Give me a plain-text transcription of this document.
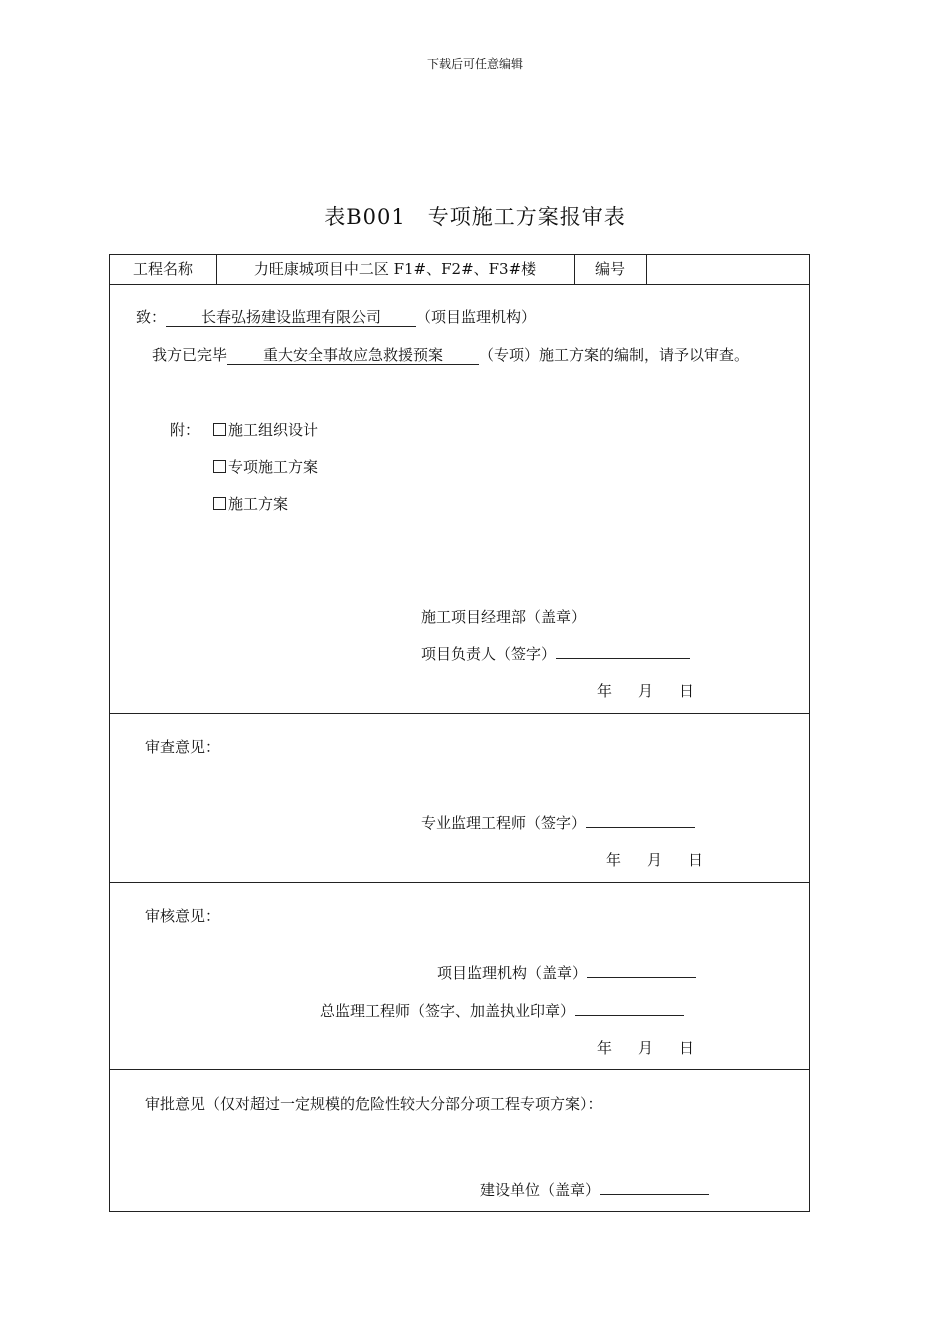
下载后可任意编辑
表B001　专项施工方案报审表
工程名称	力旺康城项目中二区 F1#、F2#、F3#楼	编号
致： 长春弘扬建设监理有限公司 （项目监理机构）
我方已完毕 重大安全事故应急救援预案 （专项）施工方案的编制，请予以审查。
附：	施工组织设计
专项施工方案
施工方案
施工项目经理部（盖章）
项目负责人（签字）
年 月 日
审查意见：
专业监理工程师（签字）
年 月 日
审核意见：
项目监理机构（盖章）
总监理工程师（签字、加盖执业印章）
年 月 日
审批意见（仅对超过一定规模的危险性较大分部分项工程专项方案）：
建设单位（盖章）
